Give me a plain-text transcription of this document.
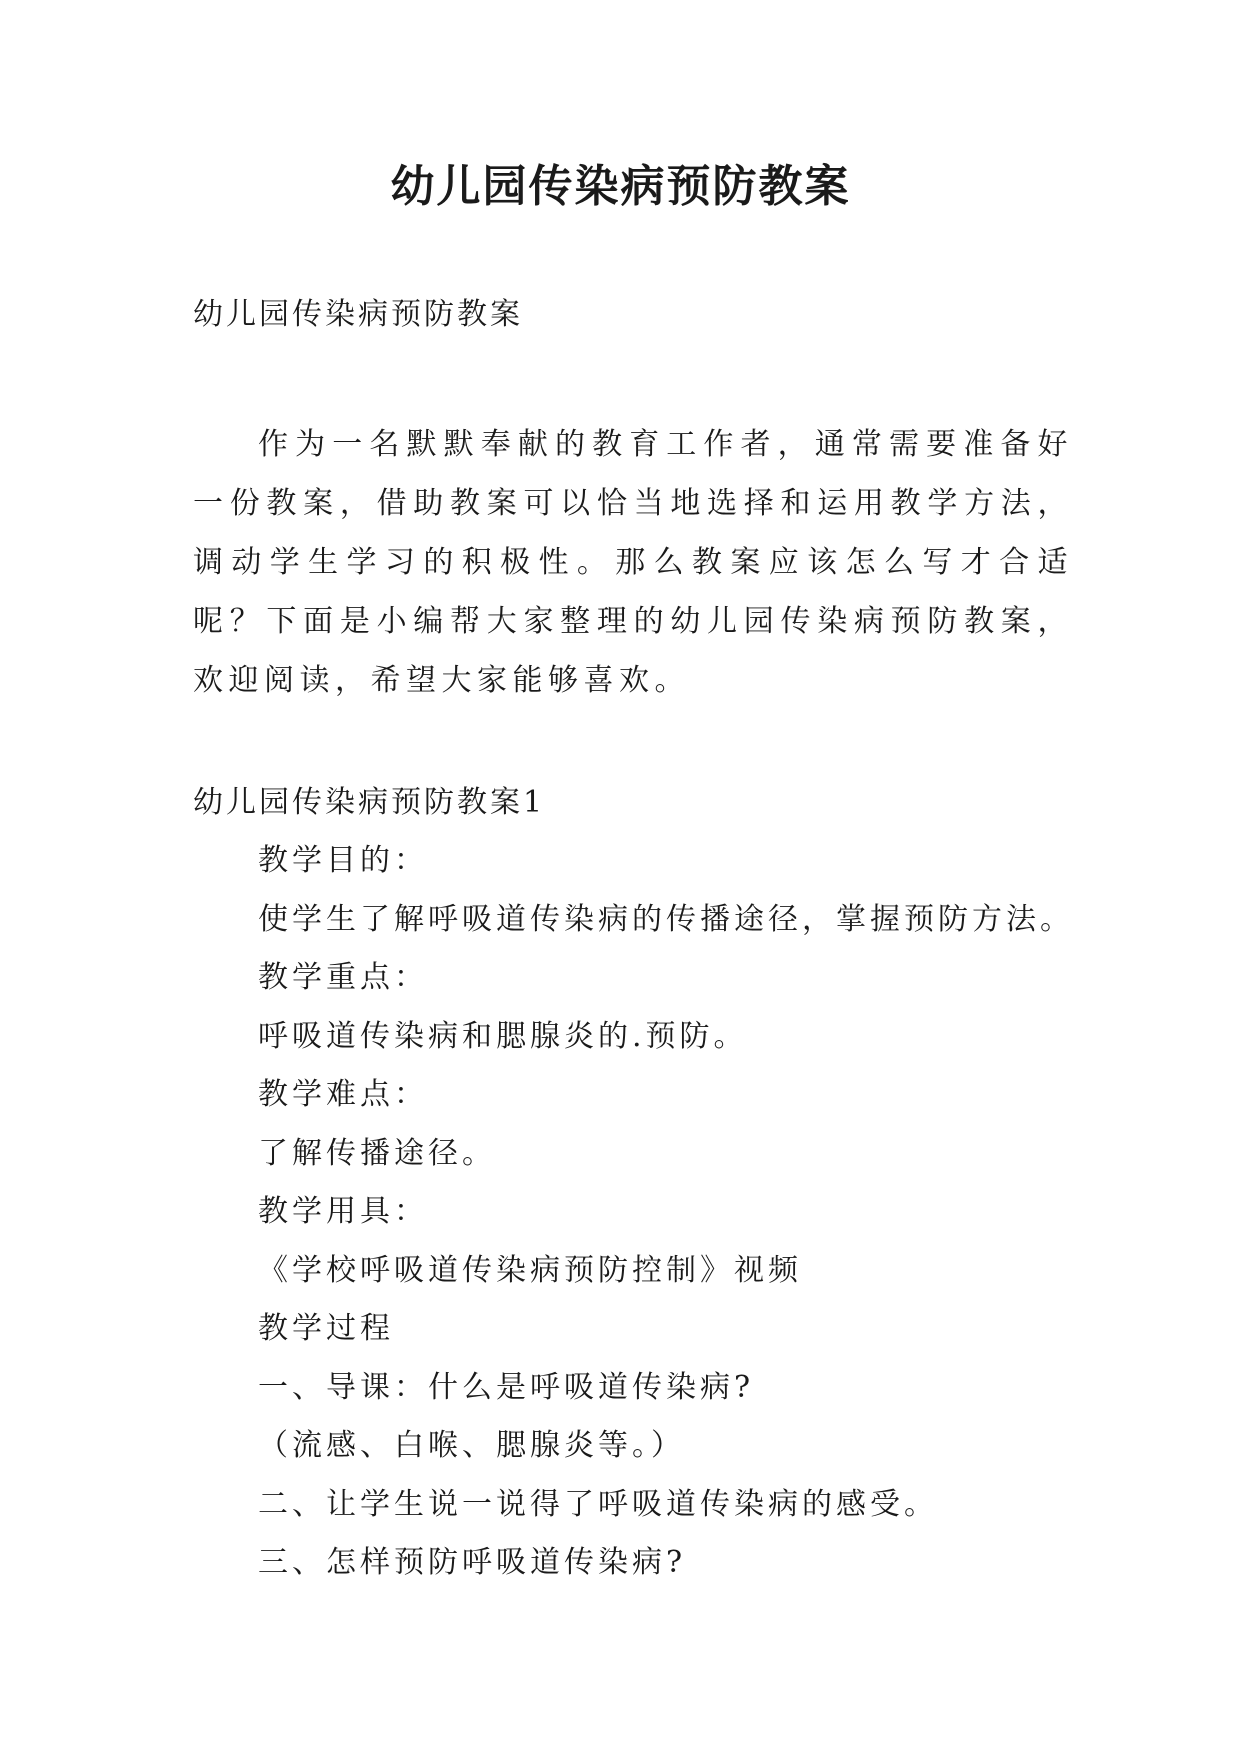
幼儿园传染病预防教案

幼儿园传染病预防教案

作为一名默默奉献的教育工作者，通常需要准备好一份教案，借助教案可以恰当地选择和运用教学方法，调动学生学习的积极性。那么教案应该怎么写才合适呢？下面是小编帮大家整理的幼儿园传染病预防教案，欢迎阅读，希望大家能够喜欢。

幼儿园传染病预防教案1

教学目的：
使学生了解呼吸道传染病的传播途径，掌握预防方法。
教学重点：
呼吸道传染病和腮腺炎的.预防。
教学难点：
了解传播途径。
教学用具：
《学校呼吸道传染病预防控制》视频
教学过程
一、导课：什么是呼吸道传染病?
（流感、白喉、腮腺炎等。）
二、让学生说一说得了呼吸道传染病的感受。
三、怎样预防呼吸道传染病?
